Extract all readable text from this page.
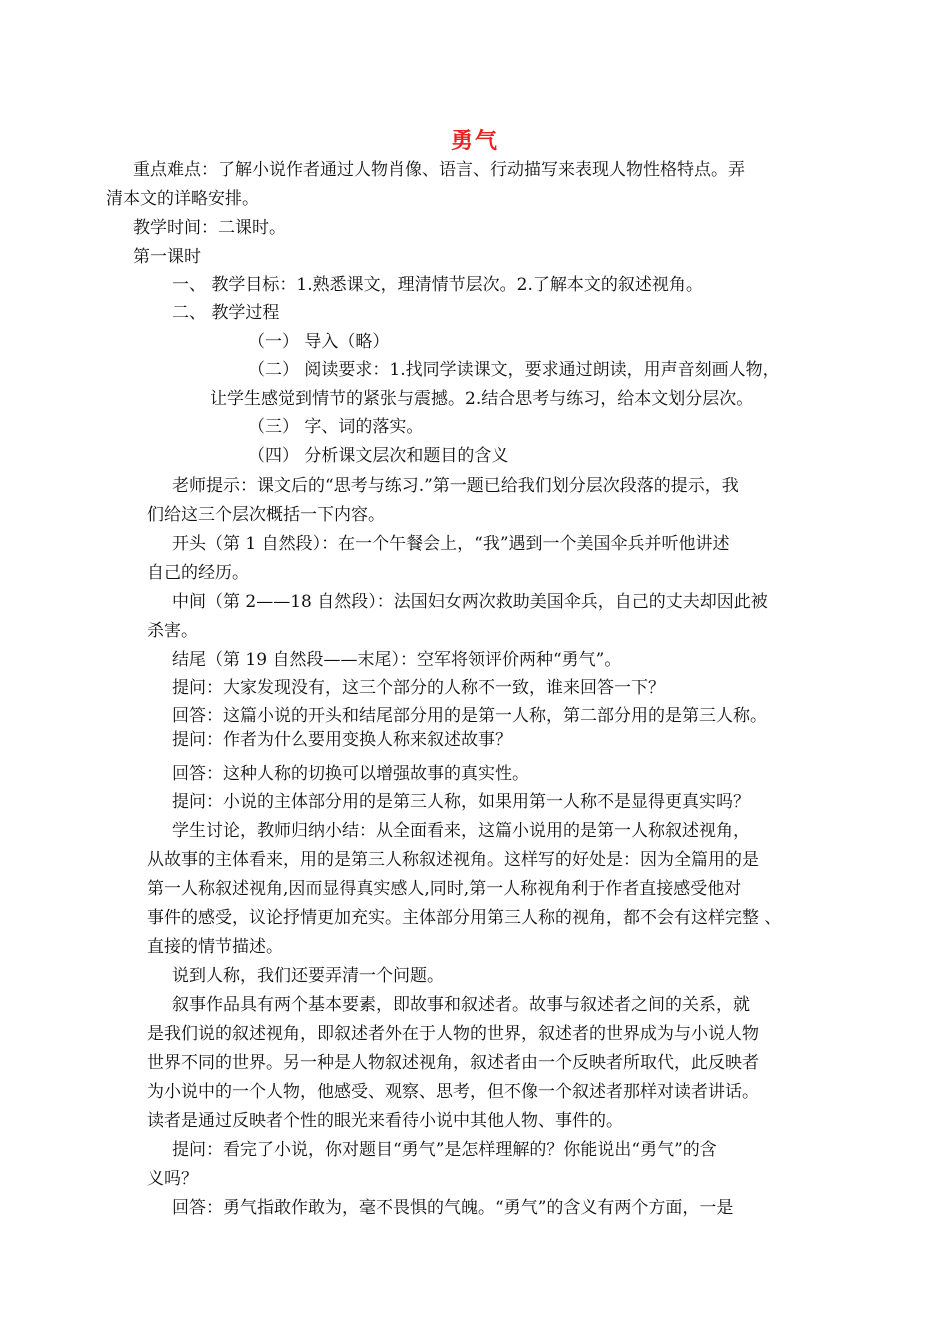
勇气
重点难点：了解小说作者通过人物肖像、语言、行动描写来表现人物性格特点。弄
清本文的详略安排。
教学时间：二课时。
第一课时
一、 教学目标：1.熟悉课文，理清情节层次。2.了解本文的叙述视角。
二、 教学过程
（一） 导入（略）
（二） 阅读要求：1.找同学读课文，要求通过朗读，用声音刻画人物，
让学生感觉到情节的紧张与震撼。2.结合思考与练习，给本文划分层次。
（三） 字、词的落实。
（四） 分析课文层次和题目的含义
老师提示：课文后的“思考与练习.”第一题已给我们划分层次段落的提示，我
们给这三个层次概括一下内容。
开头（第 1 自然段）：在一个午餐会上，“我”遇到一个美国伞兵并听他讲述
自己的经历。
中间（第 2——18 自然段）：法国妇女两次救助美国伞兵，自己的丈夫却因此被
杀害。
结尾（第 19 自然段——末尾）：空军将领评价两种“勇气”。
提问：大家发现没有，这三个部分的人称不一致，谁来回答一下？
回答：这篇小说的开头和结尾部分用的是第一人称，第二部分用的是第三人称。
提问：作者为什么要用变换人称来叙述故事？
回答：这种人称的切换可以增强故事的真实性。
提问：小说的主体部分用的是第三人称，如果用第一人称不是显得更真实吗？
学生讨论，教师归纳小结：从全面看来，这篇小说用的是第一人称叙述视角，
从故事的主体看来，用的是第三人称叙述视角。这样写的好处是：因为全篇用的是
第一人称叙述视角,因而显得真实感人,同时,第一人称视角利于作者直接感受他对
事件的感受，议论抒情更加充实。主体部分用第三人称的视角，都不会有这样完整 、
直接的情节描述。
说到人称，我们还要弄清一个问题。
叙事作品具有两个基本要素，即故事和叙述者。故事与叙述者之间的关系，就
是我们说的叙述视角，即叙述者外在于人物的世界，叙述者的世界成为与小说人物
世界不同的世界。另一种是人物叙述视角，叙述者由一个反映者所取代，此反映者
为小说中的一个人物，他感受、观察、思考，但不像一个叙述者那样对读者讲话。
读者是通过反映者个性的眼光来看待小说中其他人物、事件的。
提问：看完了小说，你对题目“勇气”是怎样理解的？你能说出“勇气”的含
义吗？
回答：勇气指敢作敢为，毫不畏惧的气魄。“勇气”的含义有两个方面，一是
